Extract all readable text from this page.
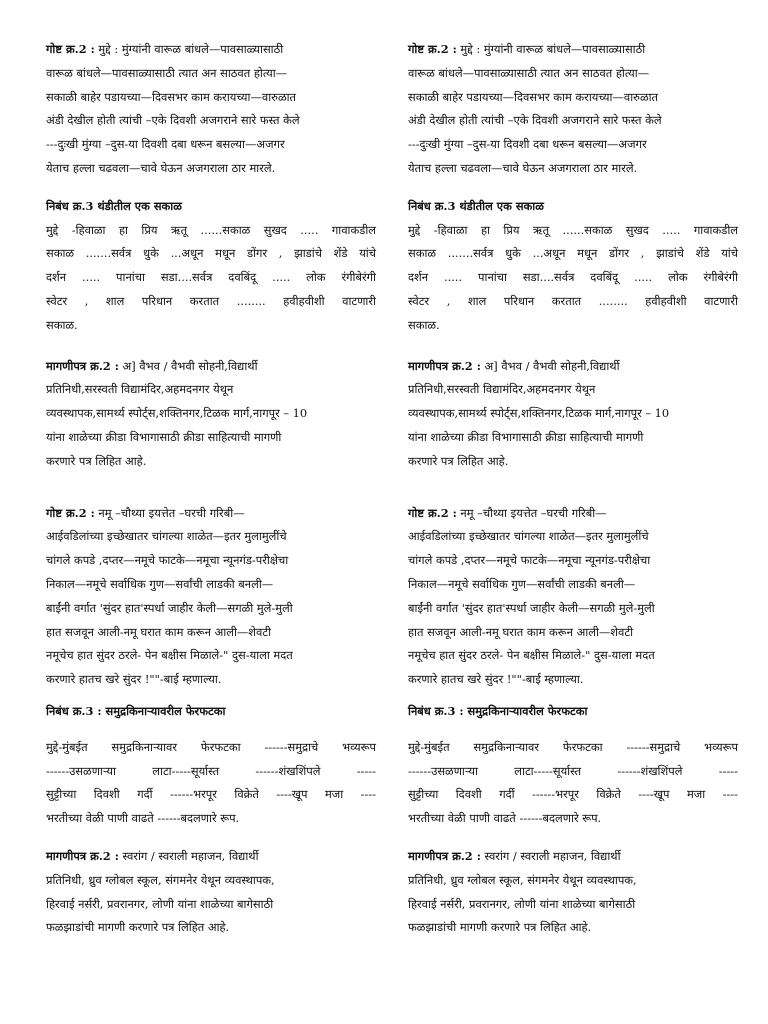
गोष्ट क्र.2 : मुद्दे : मुंग्यांनी वारूळ बांधले—पावसाळ्यासाठी

वारूळ बांधले—पावसाळ्यासाठी त्यात अन साठवत होत्या—

सकाळी बाहेर पडायच्या—दिवसभर काम करायच्या—वारुळात

अंडी देखील होती त्यांची –एके दिवशी अजगराने सारे फस्त केले

---दुःखी मुंग्या –दुस-या दिवशी दबा धरून बसल्या—अजगर

येताच हल्ला चढवला—चावे घेऊन अजगराला ठार मारले.

निबंध क्र.3 थंडीतील एक सकाळ

मुद्दे -हिवाळा हा प्रिय ऋतू ......सकाळ सुखद ..... गावाकडील

सकाळ .......सर्वत्र धुके ...अधून मधून डोंगर , झाडांचे शेंडे यांचे

दर्शन ..... पानांचा सडा....सर्वत्र दवबिंदू ..... लोक रंगीबेरंगी

स्वेटर , शाल परिधान करतात ........ हवीहवीशी वाटणारी

सकाळ.

मागणीपत्र क्र.2 : अ] वैभव / वैभवी सोहनी,विद्यार्थी

प्रतिनिधी,सरस्वती विद्यामंदिर,अहमदनगर येथून

व्यवस्थापक,सामर्थ्य स्पोर्ट्स,शक्तिनगर,टिळक मार्ग,नागपूर – 10

यांना शाळेच्या क्रीडा विभागासाठी क्रीडा साहित्याची मागणी

करणारे पत्र लिहित आहे.

गोष्ट क्र.2 : नमू –चौथ्या इयत्तेत –घरची गरिबी—

आईवडिलांच्या इच्छेखातर चांगल्या शाळेत—इतर मुलामुलींचे

चांगले कपडे ,दप्तर—नमूचे फाटके—नमूचा न्यूनगंड-परीक्षेचा

निकाल—नमूचे सर्वाधिक गुण—सर्वांची लाडकी बनली—

बाईंनी वर्गात 'सुंदर हात'स्पर्धा जाहीर केली—सगळी मुले-मुली

हात सजवून आली-नमू घरात काम करून आली—शेवटी

नमूचेच हात सुंदर ठरले- पेन बक्षीस मिळाले-" दुस-याला मदत

करणारे हातच खरे सुंदर !""-बाई म्हणाल्या.

निबंध क्र.3 : समुद्रकिनाऱ्यावरील फेरफटका

मुद्दे-मुंबईत समुद्रकिनाऱ्यावर फेरफटका ------समुद्राचे भव्यरूप

------उसळणाऱ्या लाटा-----सूर्यास्त ------शंखशिंपले -----

सुट्टीच्या दिवशी गर्दी ------भरपूर विक्रेते ----खूप मजा ----

भरतीच्या वेळी पाणी वाढते ------बदलणारे रूप.

मागणीपत्र क्र.2 : स्वरांग / स्वराली महाजन, विद्यार्थी

प्रतिनिधी, ध्रुव ग्लोबल स्कूल, संगमनेर येथून व्यवस्थापक,

हिरवाई नर्सरी, प्रवरानगर, लोणी यांना शाळेच्या बागेसाठी

फळझाडांची मागणी करणारे पत्र लिहित आहे.

गोष्ट क्र.2 : मुद्दे : मुंग्यांनी वारूळ बांधले—पावसाळ्यासाठी

वारूळ बांधले—पावसाळ्यासाठी त्यात अन साठवत होत्या—

सकाळी बाहेर पडायच्या—दिवसभर काम करायच्या—वारुळात

अंडी देखील होती त्यांची –एके दिवशी अजगराने सारे फस्त केले

---दुःखी मुंग्या –दुस-या दिवशी दबा धरून बसल्या—अजगर

येताच हल्ला चढवला—चावे घेऊन अजगराला ठार मारले.

निबंध क्र.3 थंडीतील एक सकाळ

मुद्दे -हिवाळा हा प्रिय ऋतू ......सकाळ सुखद ..... गावाकडील

सकाळ .......सर्वत्र धुके ...अधून मधून डोंगर , झाडांचे शेंडे यांचे

दर्शन ..... पानांचा सडा....सर्वत्र दवबिंदू ..... लोक रंगीबेरंगी

स्वेटर , शाल परिधान करतात ........ हवीहवीशी वाटणारी

सकाळ.

मागणीपत्र क्र.2 : अ] वैभव / वैभवी सोहनी,विद्यार्थी

प्रतिनिधी,सरस्वती विद्यामंदिर,अहमदनगर येथून

व्यवस्थापक,सामर्थ्य स्पोर्ट्स,शक्तिनगर,टिळक मार्ग,नागपूर – 10

यांना शाळेच्या क्रीडा विभागासाठी क्रीडा साहित्याची मागणी

करणारे पत्र लिहित आहे.

गोष्ट क्र.2 : नमू –चौथ्या इयत्तेत –घरची गरिबी—

आईवडिलांच्या इच्छेखातर चांगल्या शाळेत—इतर मुलामुलींचे

चांगले कपडे ,दप्तर—नमूचे फाटके—नमूचा न्यूनगंड-परीक्षेचा

निकाल—नमूचे सर्वाधिक गुण—सर्वांची लाडकी बनली—

बाईंनी वर्गात 'सुंदर हात'स्पर्धा जाहीर केली—सगळी मुले-मुली

हात सजवून आली-नमू घरात काम करून आली—शेवटी

नमूचेच हात सुंदर ठरले- पेन बक्षीस मिळाले-" दुस-याला मदत

करणारे हातच खरे सुंदर !""-बाई म्हणाल्या.

निबंध क्र.3 : समुद्रकिनाऱ्यावरील फेरफटका

मुद्दे-मुंबईत समुद्रकिनाऱ्यावर फेरफटका ------समुद्राचे भव्यरूप

------उसळणाऱ्या लाटा-----सूर्यास्त ------शंखशिंपले -----

सुट्टीच्या दिवशी गर्दी ------भरपूर विक्रेते ----खूप मजा ----

भरतीच्या वेळी पाणी वाढते ------बदलणारे रूप.

मागणीपत्र क्र.2 : स्वरांग / स्वराली महाजन, विद्यार्थी

प्रतिनिधी, ध्रुव ग्लोबल स्कूल, संगमनेर येथून व्यवस्थापक,

हिरवाई नर्सरी, प्रवरानगर, लोणी यांना शाळेच्या बागेसाठी

फळझाडांची मागणी करणारे पत्र लिहित आहे.
